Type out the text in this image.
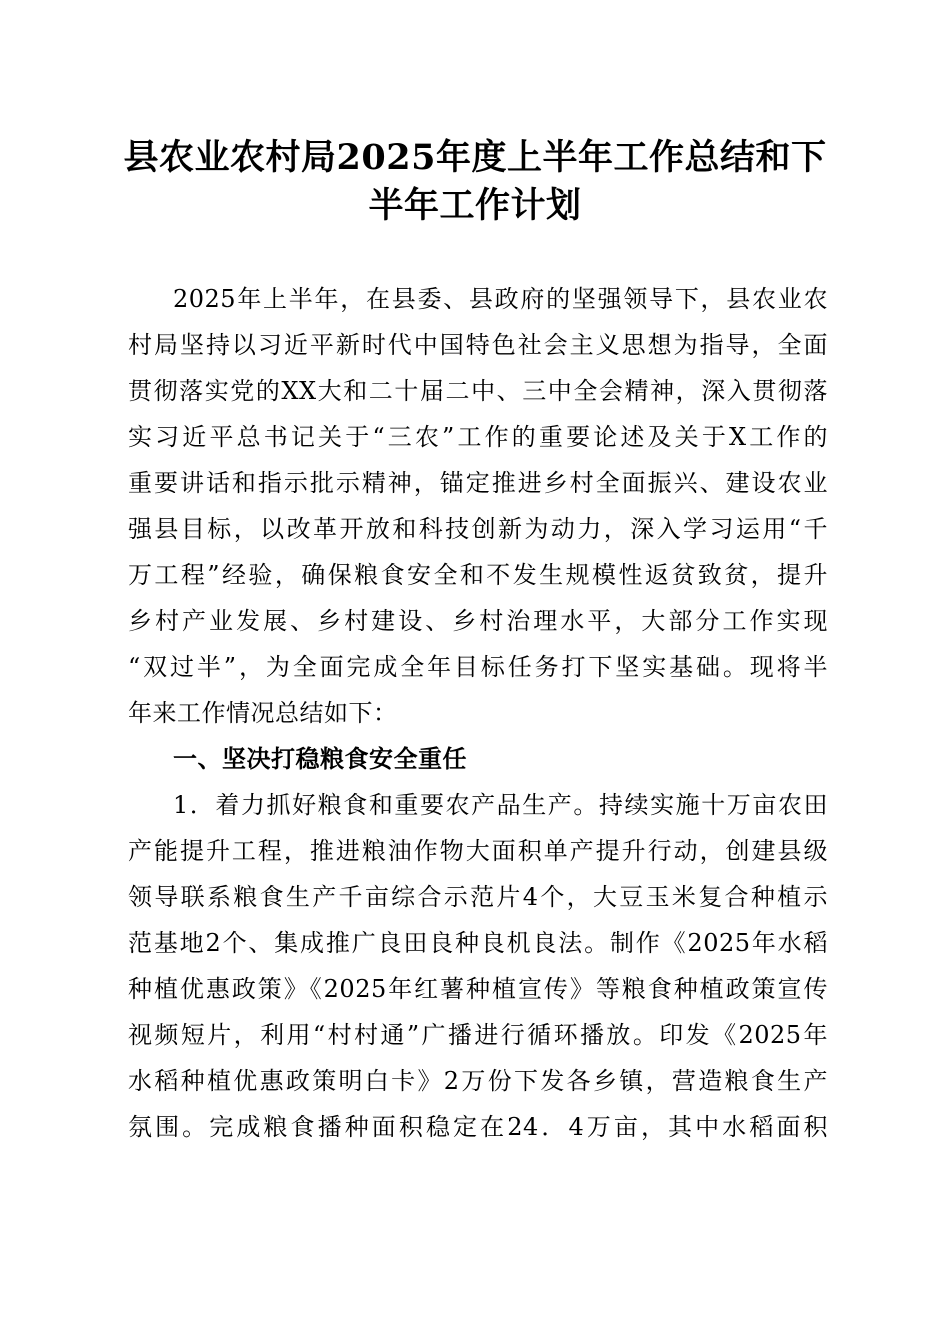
县农业农村局2025年度上半年工作总结和下
半年工作计划
2025年上半年，在县委、县政府的坚强领导下，县农业农
村局坚持以习近平新时代中国特色社会主义思想为指导，全面
贯彻落实党的XX大和二十届二中、三中全会精神，深入贯彻落
实习近平总书记关于“三农”工作的重要论述及关于X工作的
重要讲话和指示批示精神，锚定推进乡村全面振兴、建设农业
强县目标，以改革开放和科技创新为动力，深入学习运用“千
万工程”经验，确保粮食安全和不发生规模性返贫致贫，提升
乡村产业发展、乡村建设、乡村治理水平，大部分工作实现
“双过半”，为全面完成全年目标任务打下坚实基础。现将半
年来工作情况总结如下：
一、坚决打稳粮食安全重任
1．着力抓好粮食和重要农产品生产。持续实施十万亩农田
产能提升工程，推进粮油作物大面积单产提升行动，创建县级
领导联系粮食生产千亩综合示范片4个，大豆玉米复合种植示
范基地2个、集成推广良田良种良机良法。制作《2025年水稻
种植优惠政策》《2025年红薯种植宣传》等粮食种植政策宣传
视频短片，利用“村村通”广播进行循环播放。印发《2025年
水稻种植优惠政策明白卡》2万份下发各乡镇，营造粮食生产
氛围。完成粮食播种面积稳定在24．4万亩，其中水稻面积
